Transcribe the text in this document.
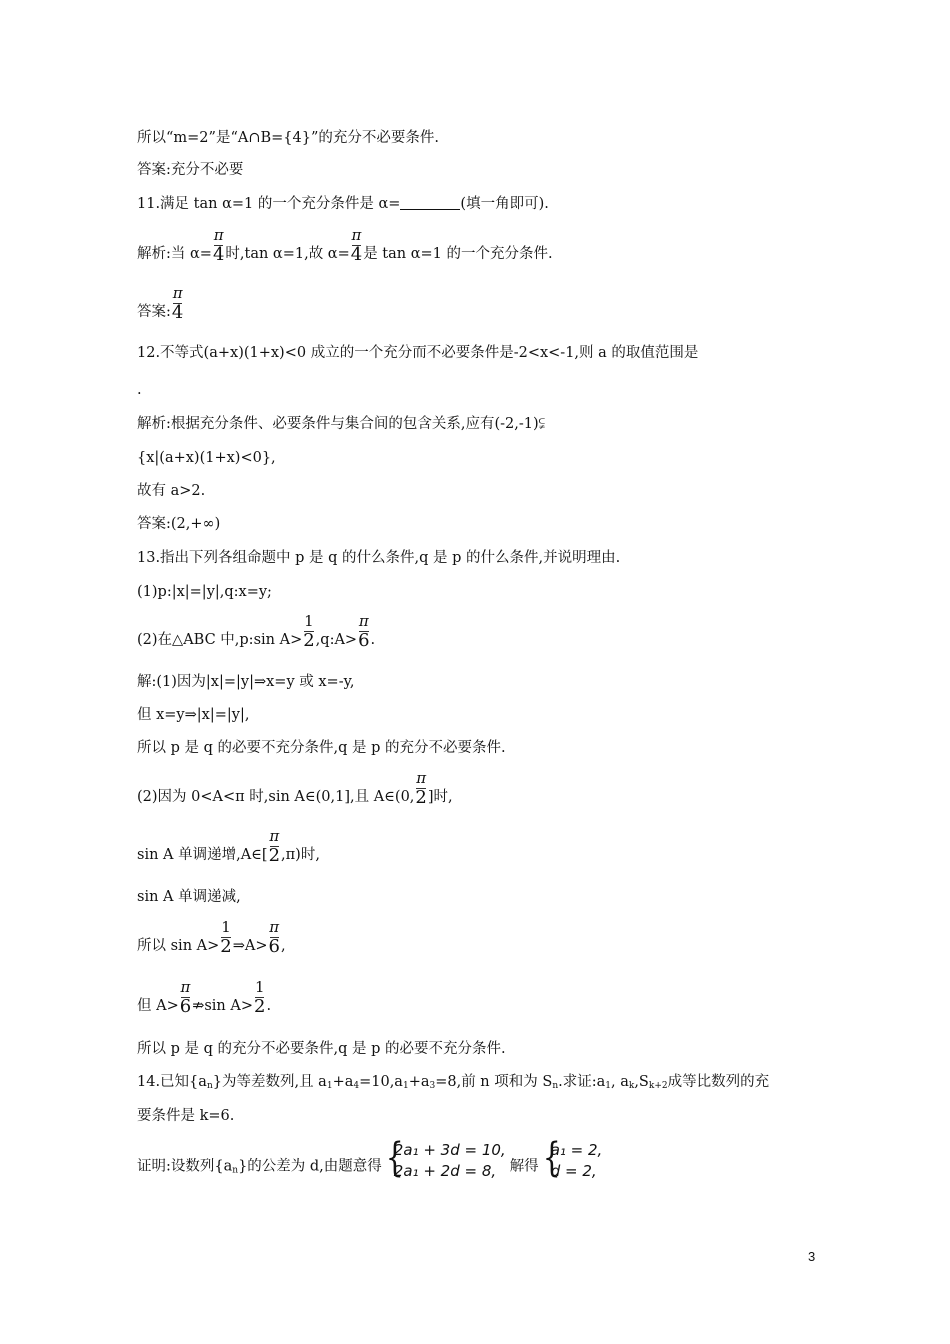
所以“m=2”是“A∩B={4}”的充分不必要条件.
答案:充分不必要
11.满足 tan α=1 的一个充分条件是 α=	(填一角即可).
解析:当 $\alpha= \frac{\pi}{4}$ 时,tan α=1,故 $\alpha= \frac{\pi}{4}$ 是 tan α=1 的一个充分条件.
答案: $\frac{\pi}{4}$
12.不等式(a+x)(1+x)<0 成立的一个充分而不必要条件是-2<x<-1,则 a 的取值范围是
.
解析:根据充分条件、必要条件与集合间的包含关系,应有(-2,-1)⫋
{x|(a+x)(1+x)<0},
故有 a>2.
答案:(2,+∞)
13.指出下列各组命题中 p 是 q 的什么条件,q 是 p 的什么条件,并说明理由.
(1)p:|x|=|y|,q:x=y;
(2)在△ABC 中,p:sin $A> \frac{1}{2}$ ,q:A> $\frac{\pi}{6}$ .
解:(1)因为|x|=|y|⇒x=y 或 x=-y,
但 x=y⇒|x|=|y|,
所以 p 是 q 的必要不充分条件,q 是 p 的充分不必要条件.
(2)因为 0<A<π 时,sin A∈(0,1],且 A∈(0, $\frac{\pi}{2}$ ]时,
sin A 单调递增,A∈[ $\frac{\pi}{2} ,\pi$)时,
sin A 单调递减,
所以 $\sin A> \frac{1}{2}$ ⇒A> $\frac{\pi}{6}$ ,
但 $A> \frac{\pi}{6}$ ⇏sin $A> \frac{1}{2}$ .
所以 p 是 q 的充分不必要条件,q 是 p 的必要不充分条件.
14.已知$\{a_n\}$为等差数列,且 $a_1+a_4=10,a_1+a_3=8$,前 n 项和为 $S_n$.求证$:a_1$, $a_k,S_{k+2}$成等比数列的充
要条件是 k=6.
证明:设数列$\{a_n\}$的公差为 d,由题意得 {
2a₁ + 3d = 10,
2a₁ + 2d = 8, 解得 {
a₁ = 2,
d = 2,
3
